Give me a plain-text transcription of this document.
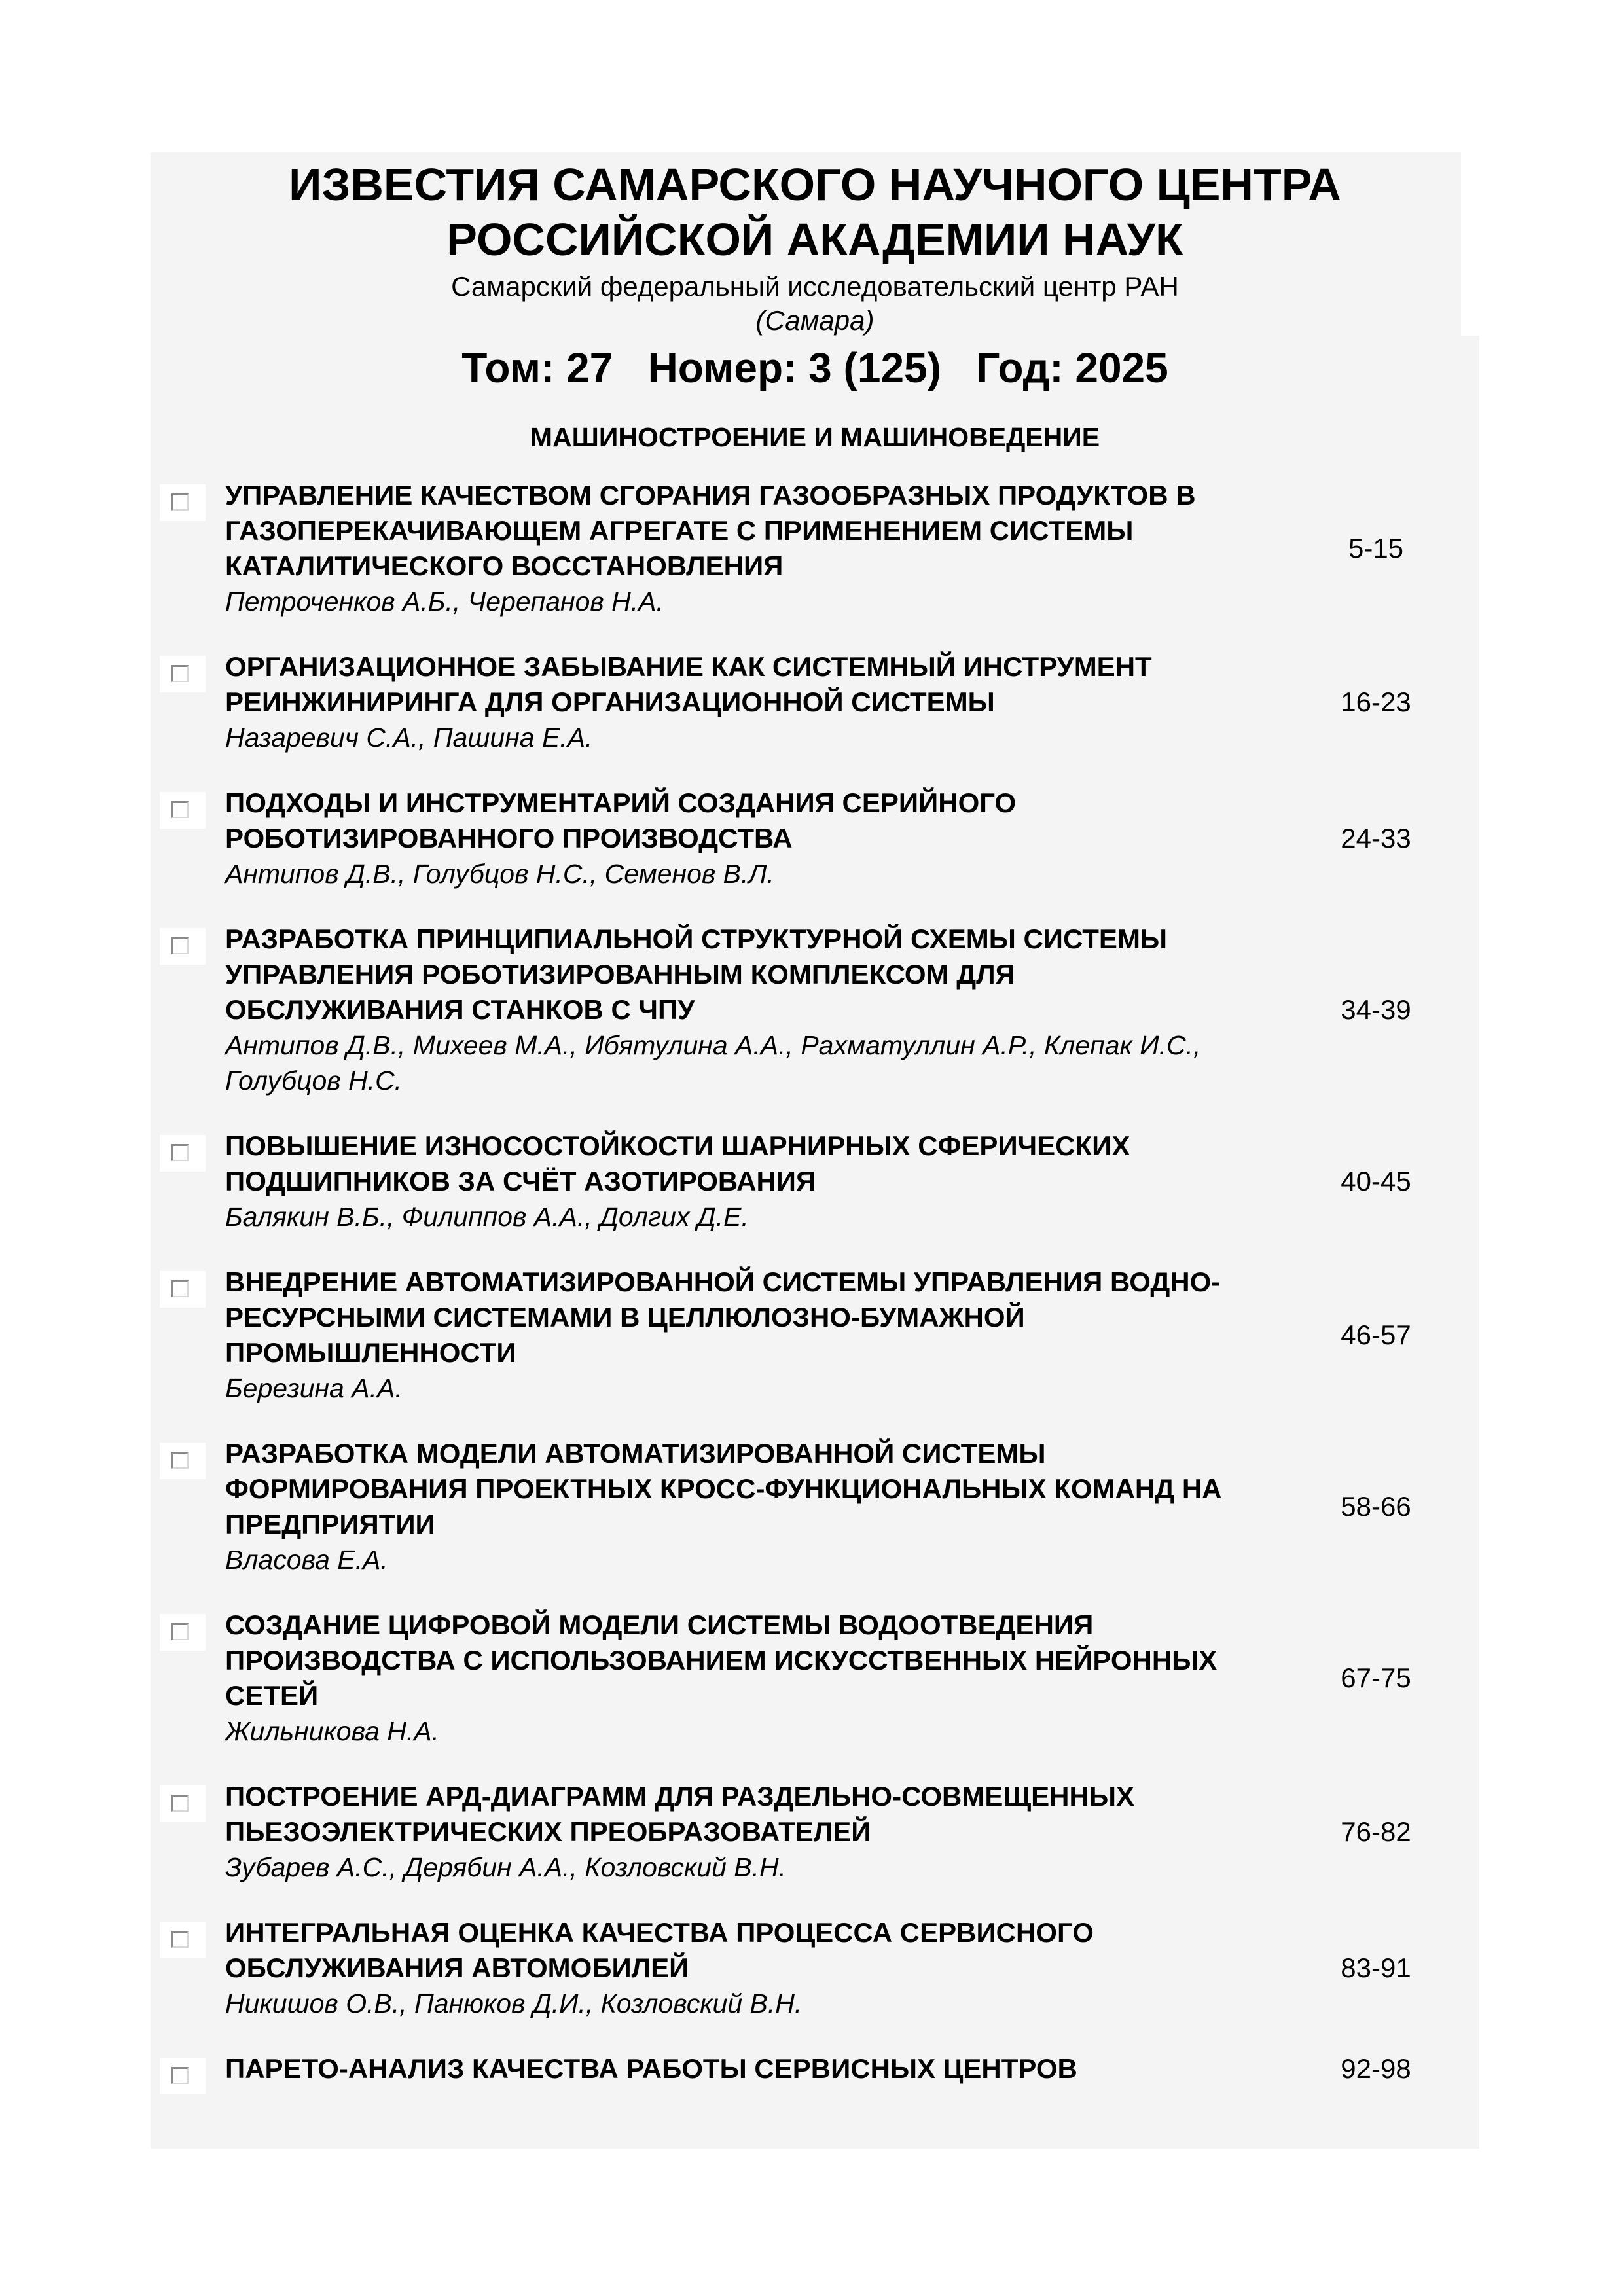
ИЗВЕСТИЯ САМАРСКОГО НАУЧНОГО ЦЕНТРА
РОССИЙСКОЙ АКАДЕМИИ НАУК
Самарский федеральный исследовательский центр РАН
(Самара)
Том: 27 Номер: 3 (125) Год: 2025
МАШИНОСТРОЕНИЕ И МАШИНОВЕДЕНИЕ
УПРАВЛЕНИЕ КАЧЕСТВОМ СГОРАНИЯ ГАЗООБРАЗНЫХ ПРОДУКТОВ В ГАЗОПЕРЕКАЧИВАЮЩЕМ АГРЕГАТЕ С ПРИМЕНЕНИЕМ СИСТЕМЫ КАТАЛИТИЧЕСКОГО ВОССТАНОВЛЕНИЯ
Петроченков А.Б., Черепанов Н.А.
5-15
ОРГАНИЗАЦИОННОЕ ЗАБЫВАНИЕ КАК СИСТЕМНЫЙ ИНСТРУМЕНТ РЕИНЖИНИРИНГА ДЛЯ ОРГАНИЗАЦИОННОЙ СИСТЕМЫ
Назаревич С.А., Пашина Е.А.
16-23
ПОДХОДЫ И ИНСТРУМЕНТАРИЙ СОЗДАНИЯ СЕРИЙНОГО РОБОТИЗИРОВАННОГО ПРОИЗВОДСТВА
Антипов Д.В., Голубцов Н.С., Семенов В.Л.
24-33
РАЗРАБОТКА ПРИНЦИПИАЛЬНОЙ СТРУКТУРНОЙ СХЕМЫ СИСТЕМЫ УПРАВЛЕНИЯ РОБОТИЗИРОВАННЫМ КОМПЛЕКСОМ ДЛЯ ОБСЛУЖИВАНИЯ СТАНКОВ С ЧПУ
Антипов Д.В., Михеев М.А., Ибятулина А.А., Рахматуллин А.Р., Клепак И.С., Голубцов Н.С.
34-39
ПОВЫШЕНИЕ ИЗНОСОСТОЙКОСТИ ШАРНИРНЫХ СФЕРИЧЕСКИХ ПОДШИПНИКОВ ЗА СЧЁТ АЗОТИРОВАНИЯ
Балякин В.Б., Филиппов А.А., Долгих Д.Е.
40-45
ВНЕДРЕНИЕ АВТОМАТИЗИРОВАННОЙ СИСТЕМЫ УПРАВЛЕНИЯ ВОДНО-РЕСУРСНЫМИ СИСТЕМАМИ В ЦЕЛЛЮЛОЗНО-БУМАЖНОЙ ПРОМЫШЛЕННОСТИ
Березина А.А.
46-57
РАЗРАБОТКА МОДЕЛИ АВТОМАТИЗИРОВАННОЙ СИСТЕМЫ ФОРМИРОВАНИЯ ПРОЕКТНЫХ КРОСС-ФУНКЦИОНАЛЬНЫХ КОМАНД НА ПРЕДПРИЯТИИ
Власова Е.А.
58-66
СОЗДАНИЕ ЦИФРОВОЙ МОДЕЛИ СИСТЕМЫ ВОДООТВЕДЕНИЯ ПРОИЗВОДСТВА С ИСПОЛЬЗОВАНИЕМ ИСКУССТВЕННЫХ НЕЙРОННЫХ СЕТЕЙ
Жильникова Н.А.
67-75
ПОСТРОЕНИЕ АРД-ДИАГРАММ ДЛЯ РАЗДЕЛЬНО-СОВМЕЩЕННЫХ ПЬЕЗОЭЛЕКТРИЧЕСКИХ ПРЕОБРАЗОВАТЕЛЕЙ
Зубарев А.С., Дерябин А.А., Козловский В.Н.
76-82
ИНТЕГРАЛЬНАЯ ОЦЕНКА КАЧЕСТВА ПРОЦЕССА СЕРВИСНОГО ОБСЛУЖИВАНИЯ АВТОМОБИЛЕЙ
Никишов О.В., Панюков Д.И., Козловский В.Н.
83-91
ПАРЕТО-АНАЛИЗ КАЧЕСТВА РАБОТЫ СЕРВИСНЫХ ЦЕНТРОВ	92-98
